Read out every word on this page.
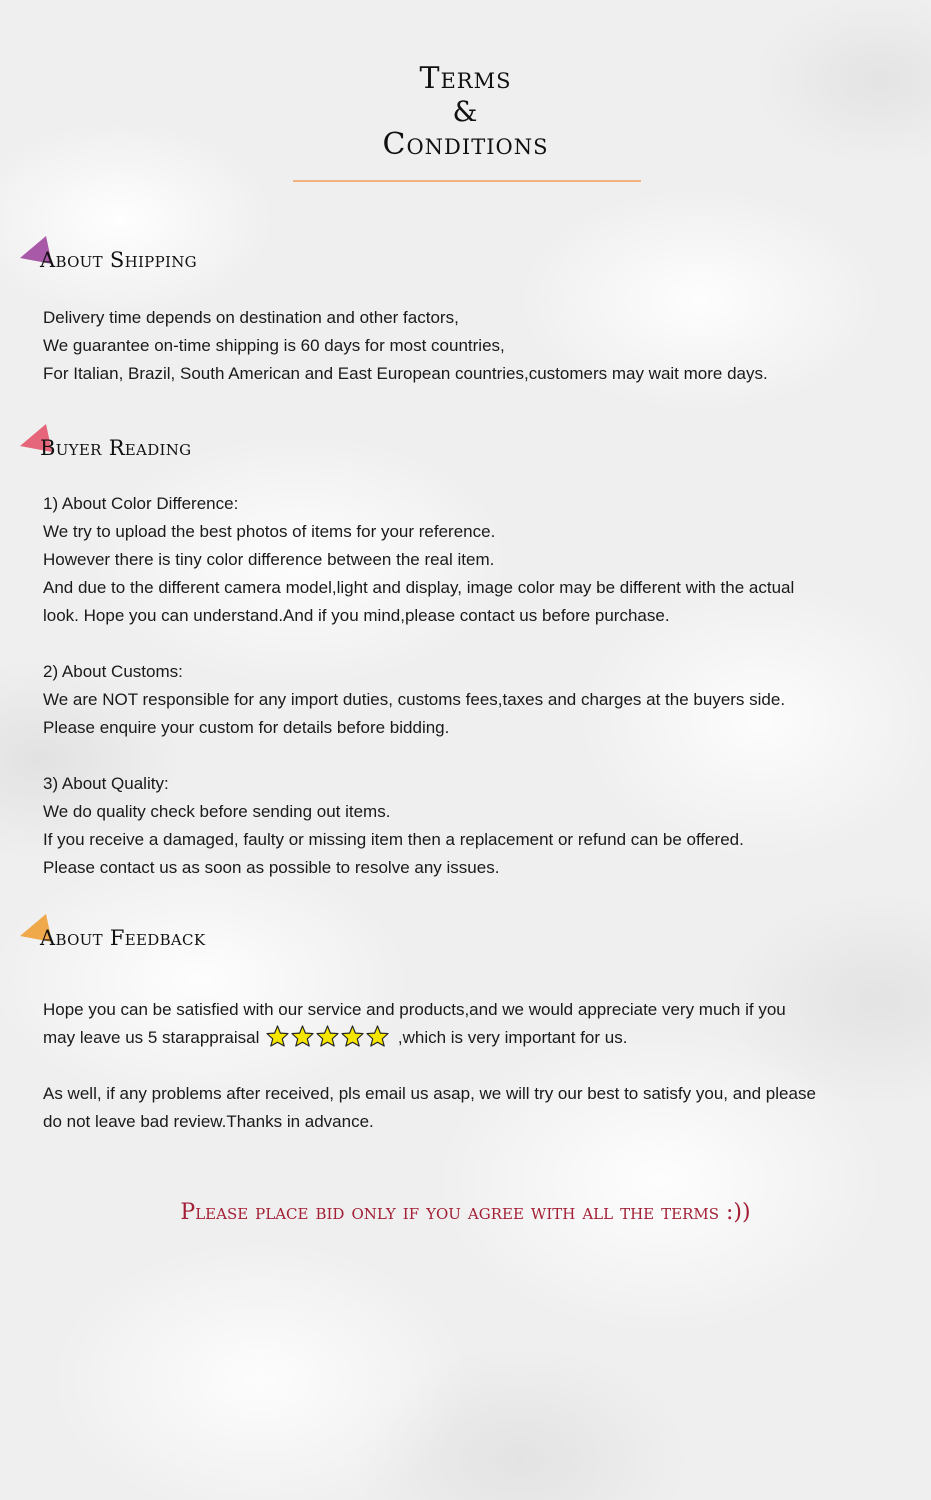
Terms
&
Conditions
About Shipping
Delivery time depends on destination and other factors,
We guarantee on-time shipping is 60 days for most countries,
For Italian, Brazil, South American and East European countries,customers may wait more days.
Buyer Reading
1) About Color Difference:
We try to upload the best photos of items for your reference.
However there is tiny color difference between the real item.
And due to the different camera model,light and display, image color may be different with the actual
look. Hope you can understand.And if you mind,please contact us before purchase.
2) About Customs:
We are NOT responsible for any import duties, customs fees,taxes and charges at the buyers side.
Please enquire your custom for details before bidding.
3) About Quality:
We do quality check before sending out items.
If you receive a damaged, faulty or missing item then a replacement or refund can be offered.
Please contact us as soon as possible to resolve any issues.
About Feedback
Hope you can be satisfied with our service and products,and we would appreciate very much if you
may leave us 5 starappraisal	,which is very important for us.
As well, if any problems after received, pls email us asap, we will try our best to satisfy you, and please
do not leave bad review.Thanks in advance.
Please place bid only if you agree with all the terms :))
